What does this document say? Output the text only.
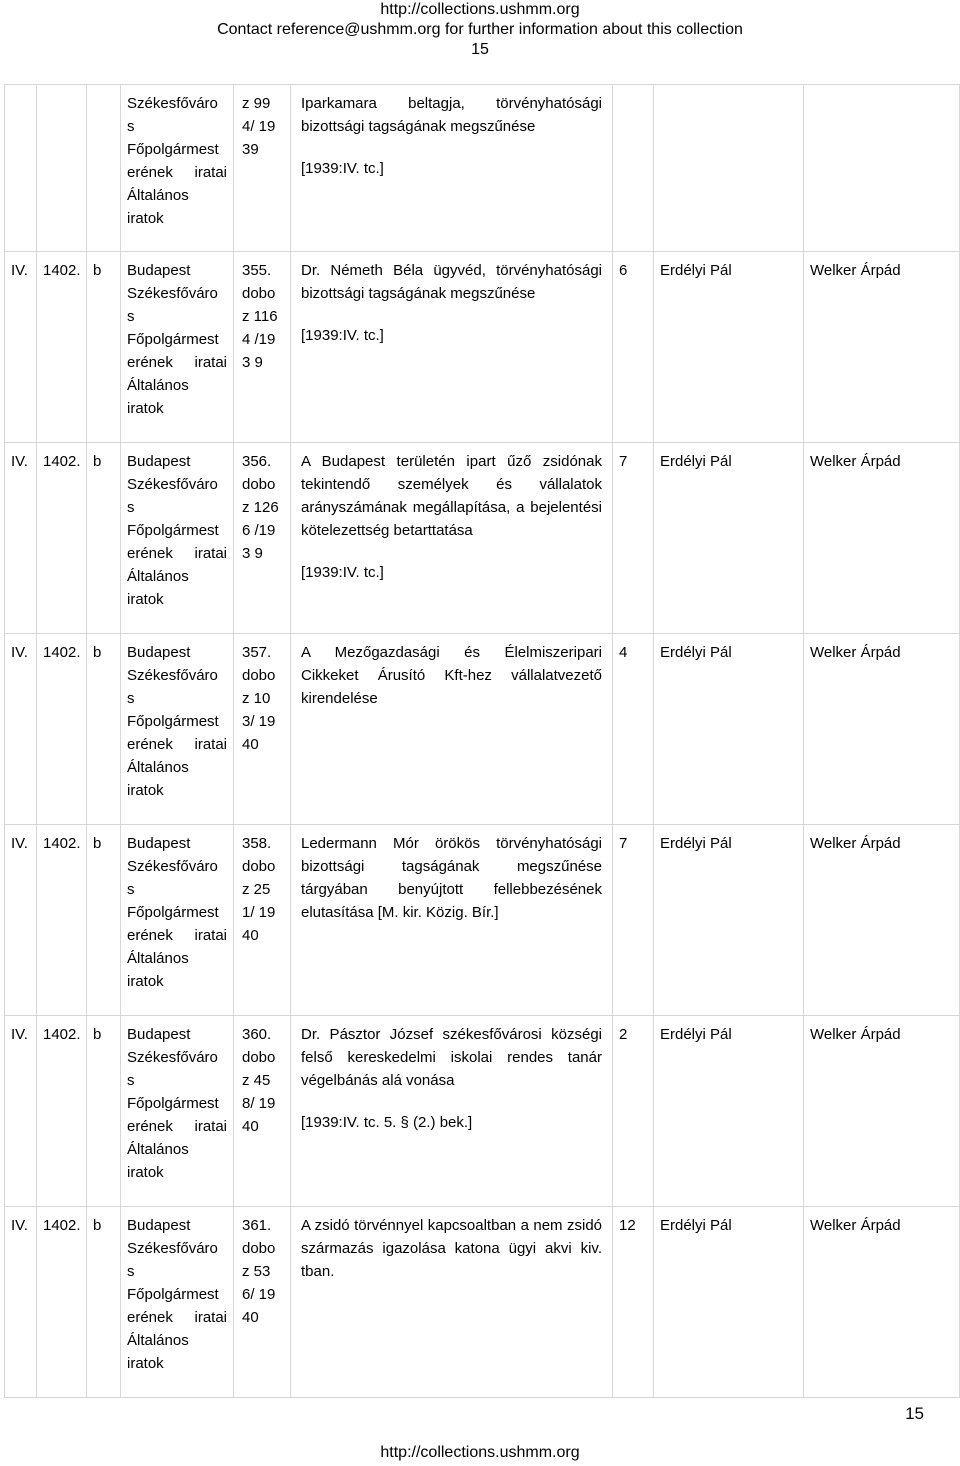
http://collections.ushmm.org
Contact reference@ushmm.org for further information about this collection
15

			Székesfőváro s Főpolgármest erének iratai Általános iratok	z 994/ 1939	Iparkamara beltagja, törvényhatósági bizottsági tagságának megszűnése
[1939:IV. tc.]			

IV.	1402.	b	Budapest Székesfőváro s Főpolgármest erének iratai Általános iratok	355. dobo z 1164 /193 9	Dr. Németh Béla ügyvéd, törvényhatósági bizottsági tagságának megszűnése
[1939:IV. tc.]	6	Erdélyi Pál	Welker Árpád

IV.	1402.	b	Budapest Székesfőváro s Főpolgármest erének iratai Általános iratok	356. dobo z 1266 /193 9	A Budapest területén ipart űző zsidónak tekintendő személyek és vállalatok arányszámának megállapítása, a bejelentési kötelezettség betarttatása
[1939:IV. tc.]	7	Erdélyi Pál	Welker Árpád

IV.	1402.	b	Budapest Székesfőváro s Főpolgármest erének iratai Általános iratok	357. dobo z 103/ 1940	A Mezőgazdasági és Élelmiszeripari Cikkeket Árusító Kft-hez vállalatvezető kirendelése	4	Erdélyi Pál	Welker Árpád

IV.	1402.	b	Budapest Székesfőváro s Főpolgármest erének iratai Általános iratok	358. dobo z 251/ 1940	Ledermann Mór örökös törvényhatósági bizottsági tagságának megszűnése tárgyában benyújtott fellebbezésének elutasítása [M. kir. Közig. Bír.]	7	Erdélyi Pál	Welker Árpád

IV.	1402.	b	Budapest Székesfőváro s Főpolgármest erének iratai Általános iratok	360. dobo z 458/ 1940	Dr. Pásztor József székesfővárosi községi felső kereskedelmi iskolai rendes tanár végelbánás alá vonása
[1939:IV. tc. 5. § (2.) bek.]	2	Erdélyi Pál	Welker Árpád

IV.	1402.	b	Budapest Székesfőváro s Főpolgármest erének iratai Általános iratok	361. dobo z 536/ 1940	A zsidó törvénnyel kapcsoaltban a nem zsidó származás igazolása katona ügyi akvi kiv. tban.	12	Erdélyi Pál	Welker Árpád
15
http://collections.ushmm.org
